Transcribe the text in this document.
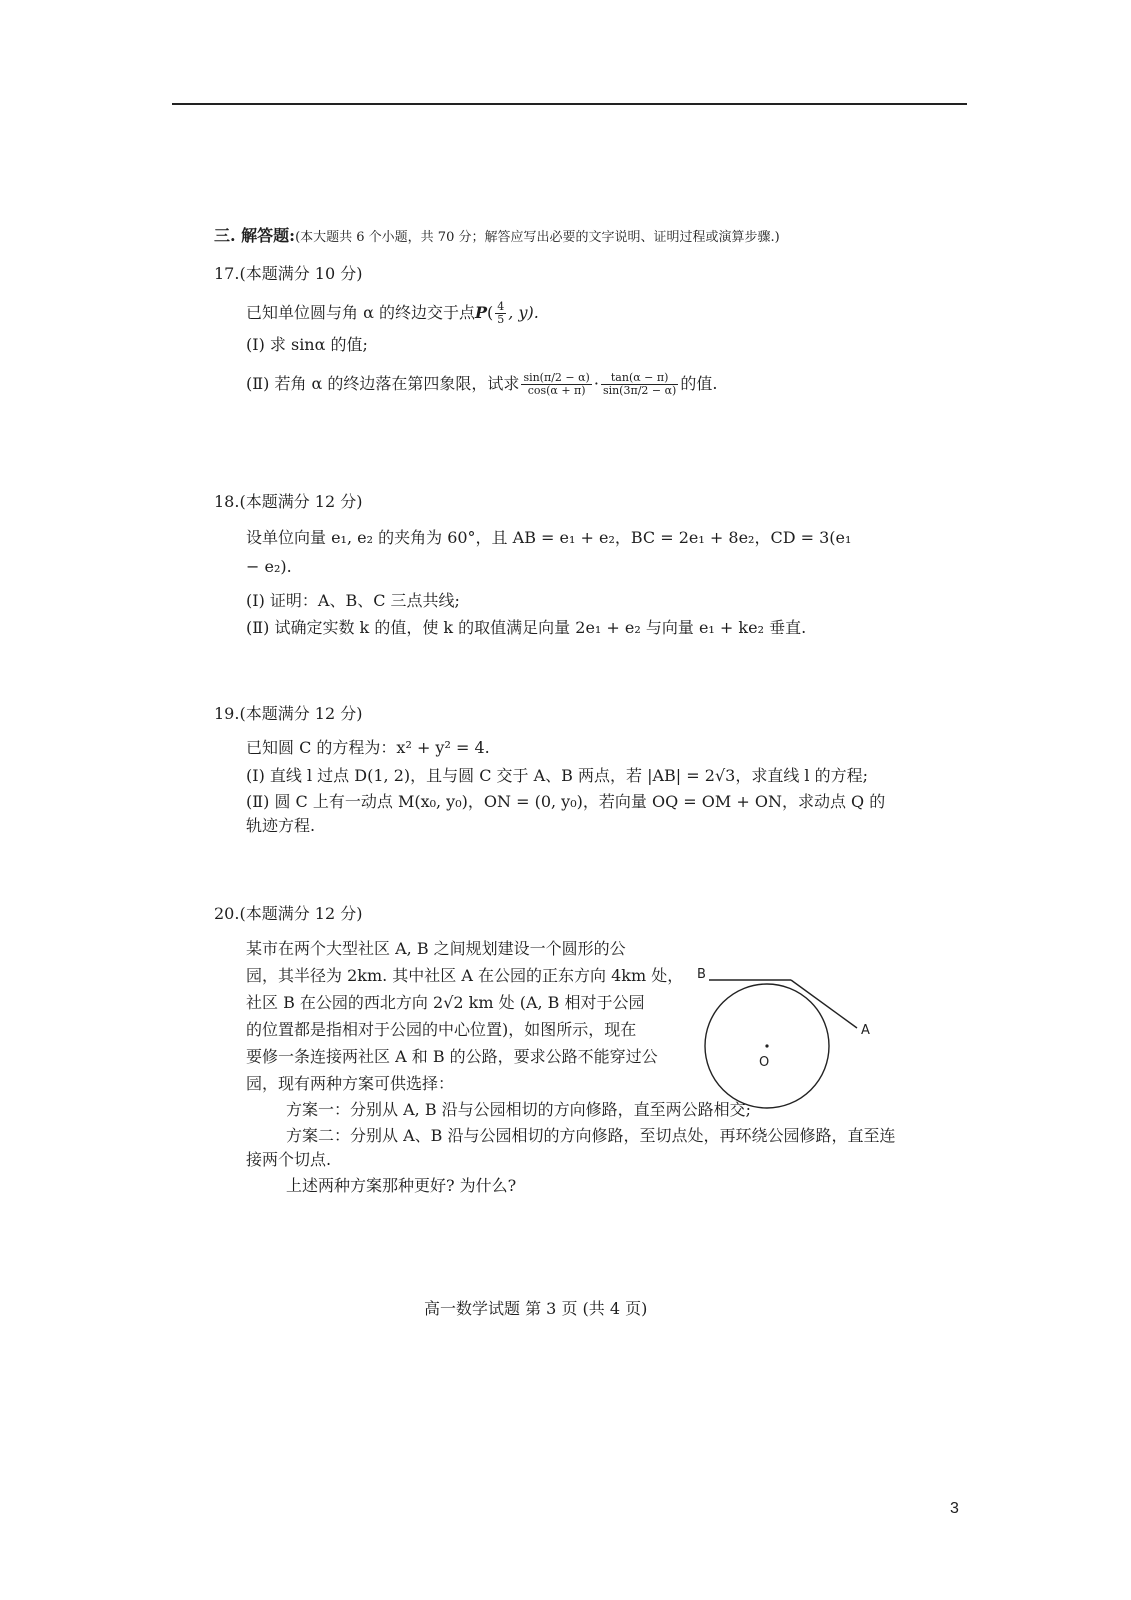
三. 解答题:(本大题共 6 个小题，共 70 分；解答应写出必要的文字说明、证明过程或演算步骤.)
17.(本题满分 10 分)
已知单位圆与角 α 的终边交于点$P( \frac{4}{5}$ , y).
(Ⅰ) 求 sinα 的值;
(Ⅱ) 若角 α 的终边落在第四象限，试求 $\frac{\sin(\pi/2 - \alpha)}{\cos(\alpha + \pi)} \cdot \frac{\tan(\alpha - \pi)}{\sin(3\pi/2 - \alpha)}$ 的值.
18.(本题满分 12 分)
设单位向量 e₁, e₂ 的夹角为 60°，且 AB = e₁ + e₂，BC = 2e₁ + 8e₂，CD = 3(e₁
− e₂).
(Ⅰ) 证明：A、B、C 三点共线;
(Ⅱ) 试确定实数 k 的值，使 k 的取值满足向量 2e₁ + e₂ 与向量 e₁ + ke₂ 垂直.
19.(本题满分 12 分)
已知圆 C 的方程为：x² + y² = 4.
(Ⅰ) 直线 l 过点 D(1, 2)，且与圆 C 交于 A、B 两点，若 |AB| = 2√3，求直线 l 的方程;
(Ⅱ) 圆 C 上有一动点 M(x₀, y₀)，ON = (0, y₀)，若向量 OQ = OM + ON，求动点 Q 的
轨迹方程.
20.(本题满分 12 分)
某市在两个大型社区 A, B 之间规划建设一个圆形的公
园，其半径为 2km. 其中社区 A 在公园的正东方向 4km 处，
社区 B 在公园的西北方向 2√2 km 处 (A, B 相对于公园
的位置都是指相对于公园的中心位置)，如图所示，现在
要修一条连接两社区 A 和 B 的公路，要求公路不能穿过公
园，现有两种方案可供选择：
方案一：分别从 A, B 沿与公园相切的方向修路，直至两公路相交;
方案二：分别从 A、B 沿与公园相切的方向修路，至切点处，再环绕公园修路，直至连
接两个切点.
上述两种方案那种更好? 为什么?
B
O
A
高一数学试题 第 3 页 (共 4 页)
3
